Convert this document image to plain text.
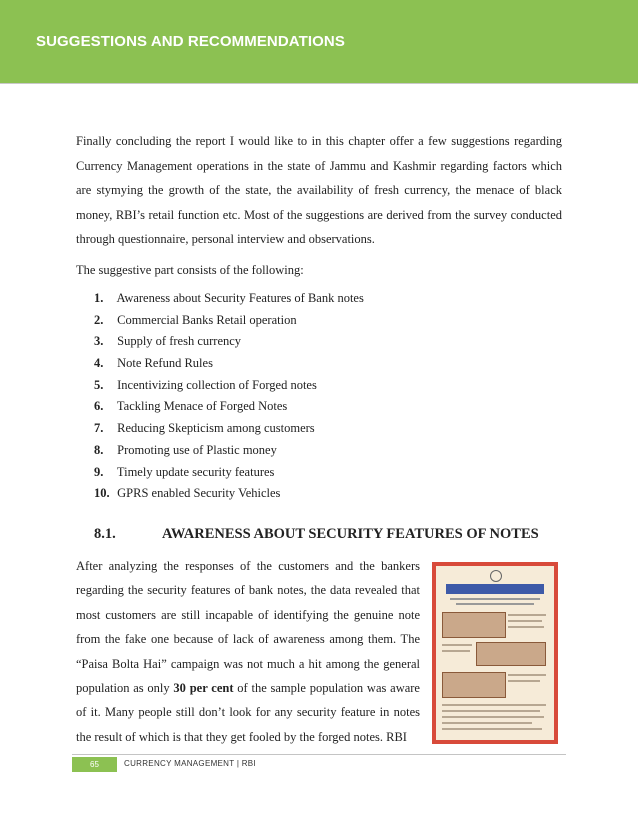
SUGGESTIONS AND RECOMMENDATIONS
Finally concluding the report I would like to in this chapter offer a few suggestions regarding Currency Management operations in the state of Jammu and Kashmir regarding factors which are stymying the growth of the state, the availability of fresh currency, the menace of black money, RBI’s retail function etc. Most of the suggestions are derived from the survey conducted through questionnaire, personal interview and observations.
The suggestive part consists of the following:
1. Awareness about Security Features of Bank notes
2. Commercial Banks Retail operation
3. Supply of fresh currency
4. Note Refund Rules
5. Incentivizing collection of Forged notes
6. Tackling Menace of Forged Notes
7. Reducing Skepticism among customers
8. Promoting use of Plastic money
9. Timely update security features
10. GPRS enabled Security Vehicles
8.1.	AWARENESS ABOUT SECURITY FEATURES OF NOTES
After analyzing the responses of the customers and the bankers regarding the security features of bank notes, the data revealed that most customers are still incapable of identifying the genuine note from the fake one because of lack of awareness among them. The “Paisa Bolta Hai” campaign was not much a hit among the general population as only 30 per cent of the sample population was aware of it. Many people still don’t look for any security feature in notes the result of which is that they get fooled by the forged notes. RBI
65	CURRENCY MANAGEMENT | RBI
